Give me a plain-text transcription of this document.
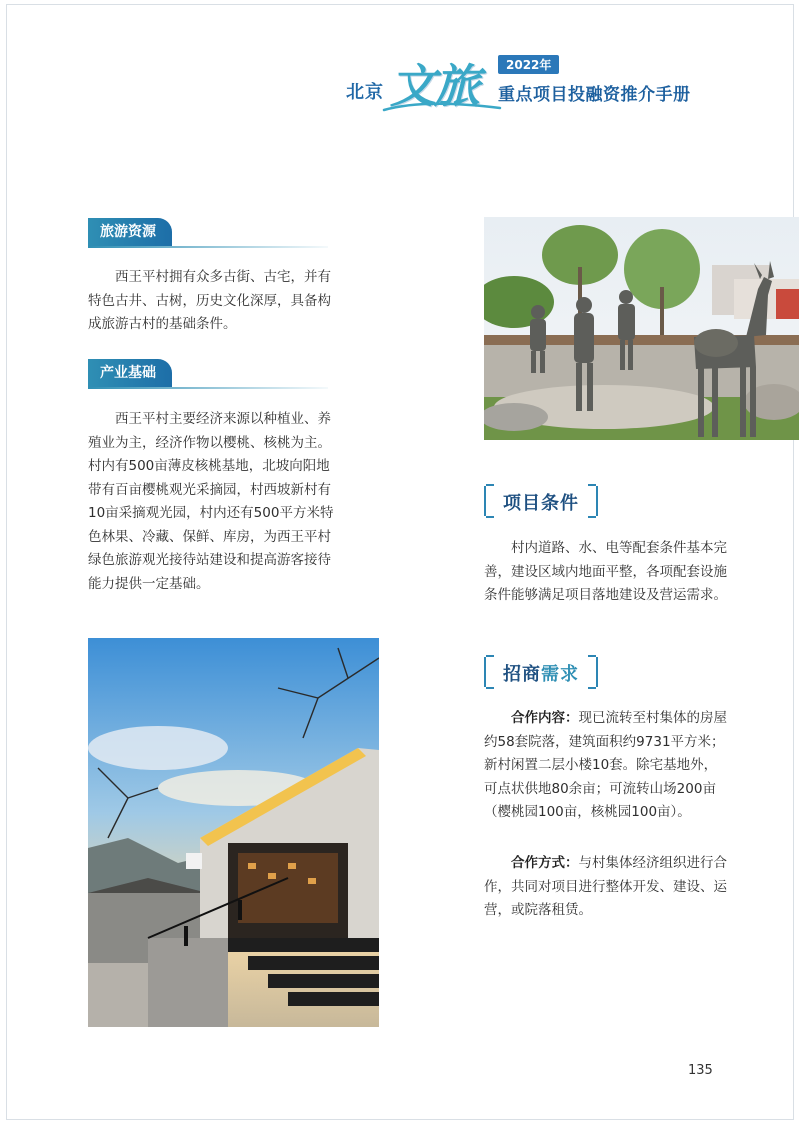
北京 文旅	2022年
重点项目投融资推介手册
旅游资源

西王平村拥有众多古街、古宅，并有特色古井、古树，历史文化深厚，具备构成旅游古村的基础条件。

产业基础

西王平村主要经济来源以种植业、养殖业为主，经济作物以樱桃、核桃为主。村内有500亩薄皮核桃基地，北坡向阳地带有百亩樱桃观光采摘园，村西坡新村有10亩采摘观光园，村内还有500平方米特色林果、冷藏、保鲜、库房，为西王平村绿色旅游观光接待站建设和提高游客接待能力提供一定基础。

项目条件

村内道路、水、电等配套条件基本完善，建设区域内地面平整，各项配套设施条件能够满足项目落地建设及营运需求。

招商需求

合作内容：现已流转至村集体的房屋约58套院落，建筑面积约9731平方米；新村闲置二层小楼10套。除宅基地外，可点状供地80余亩；可流转山场200亩（樱桃园100亩，核桃园100亩）。

合作方式：与村集体经济组织进行合作，共同对项目进行整体开发、建设、运营，或院落租赁。

135
